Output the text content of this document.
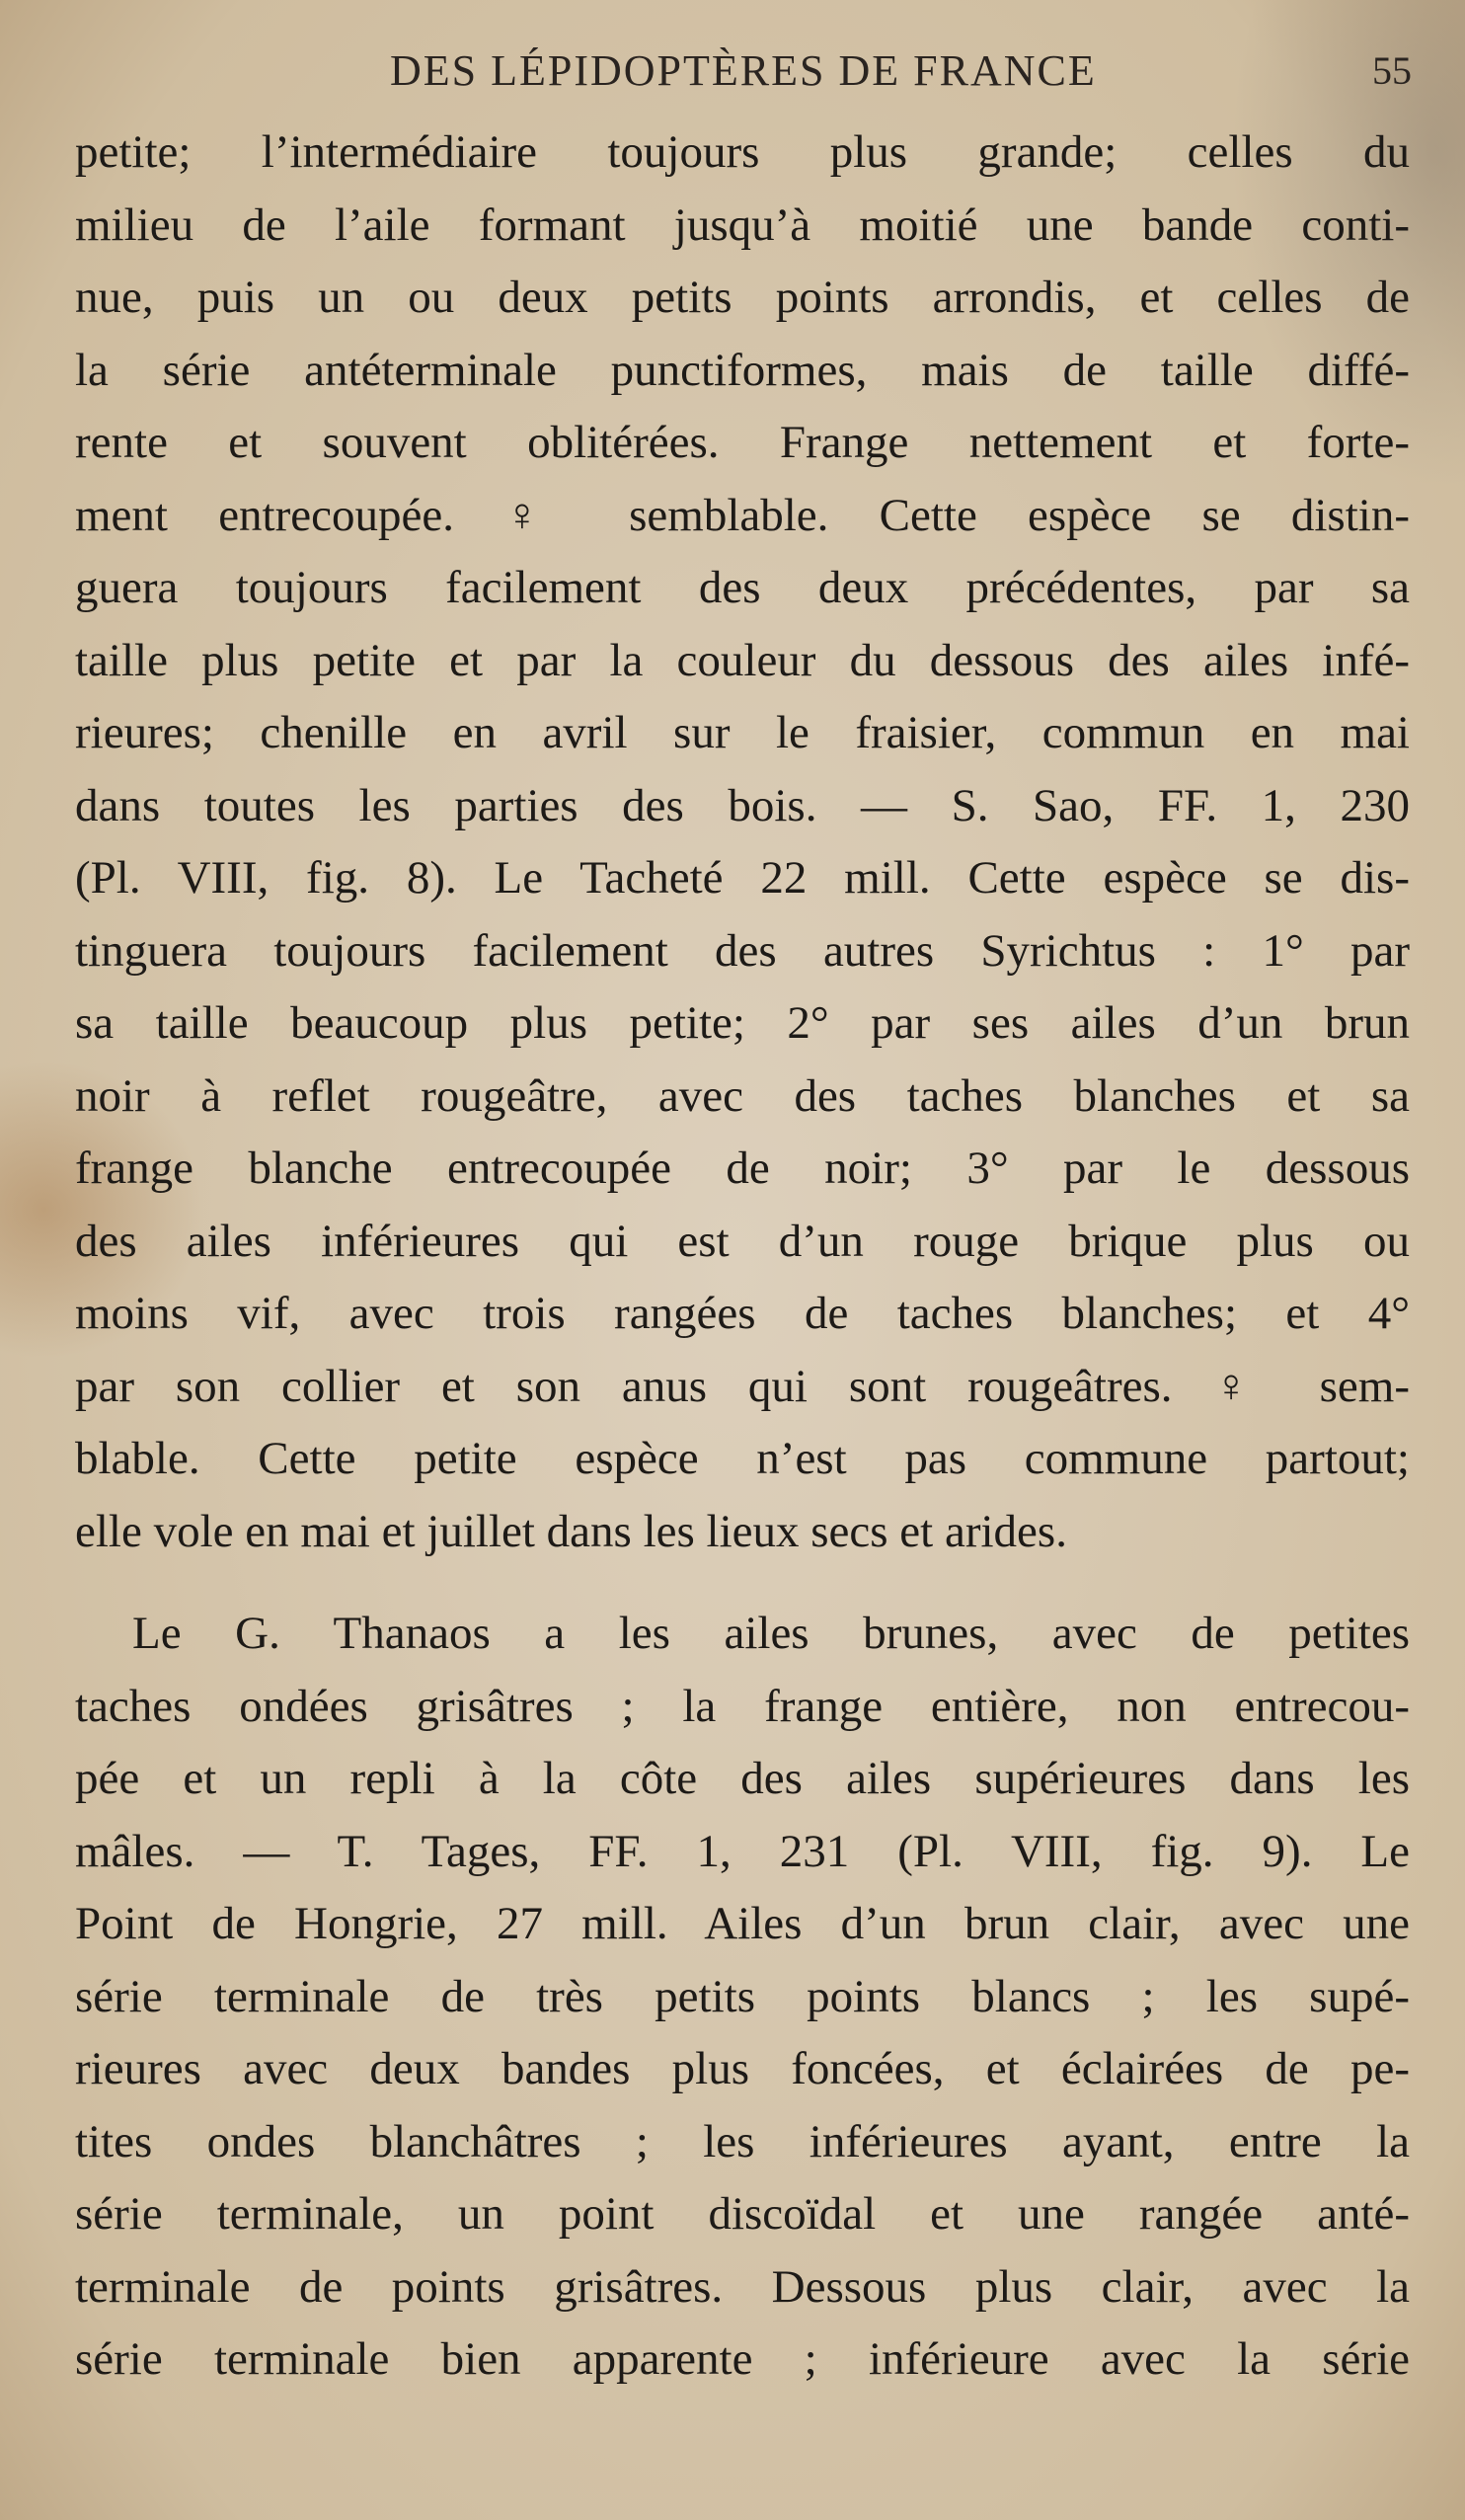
DES LÉPIDOPTÈRES DE FRANCE	55
petite; l’intermédiaire toujours plus grande; celles du
milieu de l’aile formant jusqu’à moitié une bande conti-
nue, puis un ou deux petits points arrondis, et celles de
la série antéterminale punctiformes, mais de taille diffé-
rente et souvent oblitérées. Frange nettement et forte-
ment entrecoupée. ♀ semblable. Cette espèce se distin-
guera toujours facilement des deux précédentes, par sa
taille plus petite et par la couleur du dessous des ailes infé-
rieures; chenille en avril sur le fraisier, commun en mai
dans toutes les parties des bois. — S. Sao, FF. 1, 230
(Pl. VIII, fig. 8). Le Tacheté 22 mill. Cette espèce se dis-
tinguera toujours facilement des autres Syrichtus : 1° par
sa taille beaucoup plus petite; 2° par ses ailes d’un brun
noir à reflet rougeâtre, avec des taches blanches et sa
frange blanche entrecoupée de noir; 3° par le dessous
des ailes inférieures qui est d’un rouge brique plus ou
moins vif, avec trois rangées de taches blanches; et 4°
par son collier et son anus qui sont rougeâtres. ♀ sem-
blable. Cette petite espèce n’est pas commune partout;
elle vole en mai et juillet dans les lieux secs et arides.
Le G. Thanaos a les ailes brunes, avec de petites
taches ondées grisâtres ; la frange entière, non entrecou-
pée et un repli à la côte des ailes supérieures dans les
mâles. — T. Tages, FF. 1, 231 (Pl. VIII, fig. 9). Le
Point de Hongrie, 27 mill. Ailes d’un brun clair, avec une
série terminale de très petits points blancs ; les supé-
rieures avec deux bandes plus foncées, et éclairées de pe-
tites ondes blanchâtres ; les inférieures ayant, entre la
série terminale, un point discoïdal et une rangée anté-
terminale de points grisâtres. Dessous plus clair, avec la
série terminale bien apparente ; inférieure avec la série
